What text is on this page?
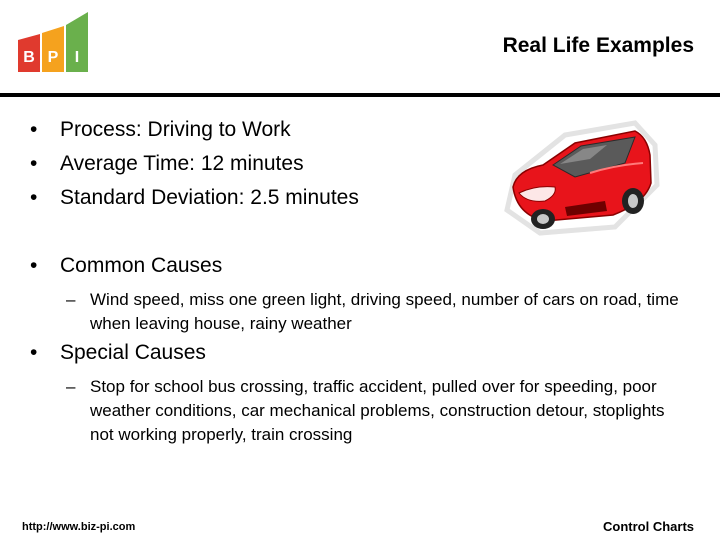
B P I
Real Life Examples
• Process: Driving to Work
• Average Time: 12 minutes
• Standard Deviation: 2.5 minutes
• Common Causes
– Wind speed, miss one green light, driving speed, number of cars on road, time when leaving house, rainy weather
• Special Causes
– Stop for school bus crossing, traffic accident, pulled over for speeding, poor weather conditions, car mechanical problems, construction detour, stoplights not working properly, train crossing
http://www.biz-pi.com	Control Charts
